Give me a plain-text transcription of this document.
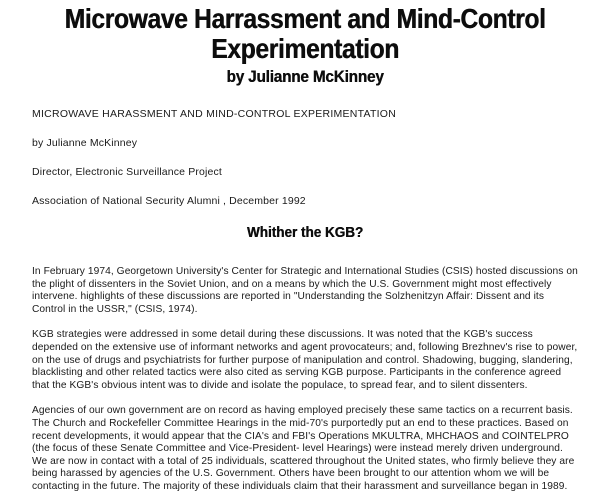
Microwave Harrassment and Mind-Control
Experimentation
by Julianne McKinney

MICROWAVE HARASSMENT AND MIND-CONTROL EXPERIMENTATION

by Julianne McKinney

Director, Electronic Surveillance Project

Association of National Security Alumni , December 1992

Whither the KGB?

In February 1974, Georgetown University's Center for Strategic and International Studies (CSIS) hosted discussions on the plight of dissenters in the Soviet Union, and on a means by which the U.S. Government might most effectively intervene. highlights of these discussions are reported in "Understanding the Solzhenitzyn Affair: Dissent and its Control in the USSR," (CSIS, 1974).

KGB strategies were addressed in some detail during these discussions. It was noted that the KGB's success depended on the extensive use of informant networks and agent provocateurs; and, following Brezhnev's rise to power, on the use of drugs and psychiatrists for further purpose of manipulation and control. Shadowing, bugging, slandering, blacklisting and other related tactics were also cited as serving KGB purpose. Participants in the conference agreed that the KGB's obvious intent was to divide and isolate the populace, to spread fear, and to silent dissenters.

Agencies of our own government are on record as having employed precisely these same tactics on a recurrent basis. The Church and Rockefeller Committee Hearings in the mid-70's purportedly put an end to these practices. Based on recent developments, it would appear that the CIA's and FBI's Operations MKULTRA, MHCHAOS and COINTELPRO (the focus of these Senate Committee and Vice-President- level Hearings) were instead merely driven underground. We are now in contact with a total of 25 individuals, scattered throughout the United states, who firmly believe they are being harassed by agencies of the U.S. Government. Others have been brought to our attention whom we will be contacting in the future. The majority of these individuals claim that their harassment and surveillance began in 1989.
